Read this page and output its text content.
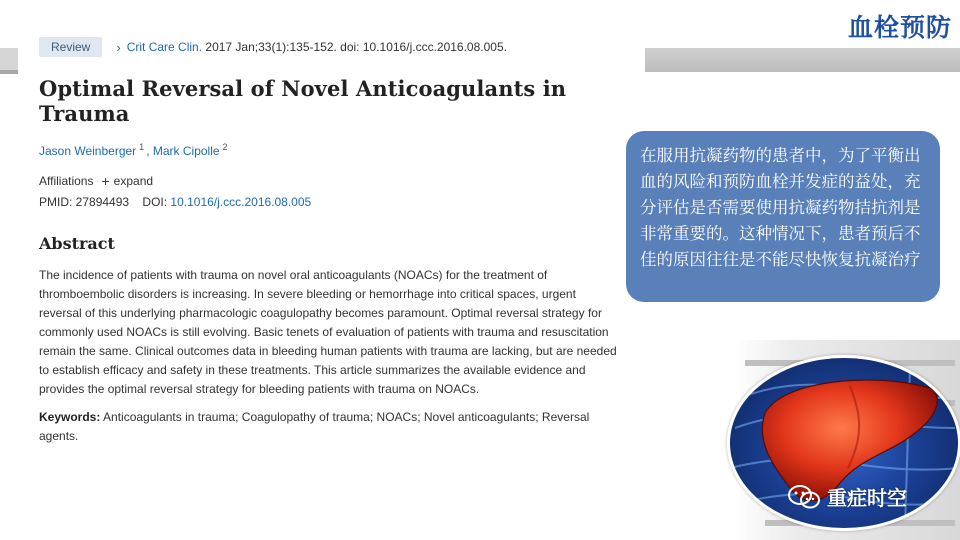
血栓预防
Review	› Crit Care Clin.
2017 Jan;33(1):135-152. doi: 10.1016/j.ccc.2016.08.005.
Optimal Reversal of Novel Anticoagulants in Trauma
Jason Weinberger $^1$ , Mark Cipolle $^2$
Affiliations + expand
PMID: 27894493 DOI: 10.1016/j.ccc.2016.08.005
Abstract
The incidence of patients with trauma on novel oral anticoagulants (NOACs) for the treatment of thromboembolic disorders is increasing. In severe bleeding or hemorrhage into critical spaces, urgent reversal of this underlying pharmacologic coagulopathy becomes paramount. Optimal reversal strategy for commonly used NOACs is still evolving. Basic tenets of evaluation of patients with trauma and resuscitation remain the same. Clinical outcomes data in bleeding human patients with trauma are lacking, but are needed to establish efficacy and safety in these treatments. This article summarizes the available evidence and provides the optimal reversal strategy for bleeding patients with trauma on NOACs.
Keywords: Anticoagulants in trauma; Coagulopathy of trauma; NOACs; Novel anticoagulants; Reversal agents.
在服用抗凝药物的患者中，为了平衡出血的风险和预防血栓并发症的益处，充分评估是否需要使用抗凝药物拮抗剂是非常重要的。这种情况下，患者预后不佳的原因往往是不能尽快恢复抗凝治疗
重症时空
